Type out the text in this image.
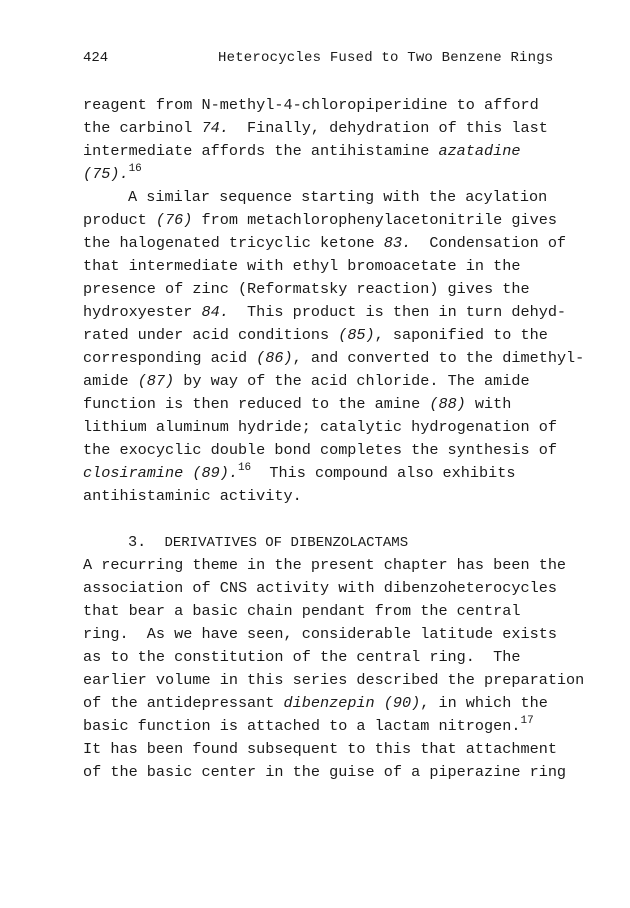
424	Heterocycles Fused to Two Benzene Rings
reagent from N-methyl-4-chloropiperidine to afford
the carbinol 74.  Finally, dehydration of this last
intermediate affords the antihistamine azatadine
(75).$^{16}$
A similar sequence starting with the acylation
product (76) from metachlorophenylacetonitrile gives
the halogenated tricyclic ketone 83.  Condensation of
that intermediate with ethyl bromoacetate in the
presence of zinc (Reformatsky reaction) gives the
hydroxyester 84.  This product is then in turn dehyd-
rated under acid conditions (85), saponified to the
corresponding acid (86), and converted to the dimethyl-
amide (87) by way of the acid chloride. The amide
function is then reduced to the amine (88) with
lithium aluminum hydride; catalytic hydrogenation of
the exocyclic double bond completes the synthesis of
closiramine (89).$^{16}$  This compound also exhibits
antihistaminic activity.
3. DERIVATIVES OF DIBENZOLACTAMS
A recurring theme in the present chapter has been the
association of CNS activity with dibenzoheterocycles
that bear a basic chain pendant from the central
ring.  As we have seen, considerable latitude exists
as to the constitution of the central ring.  The
earlier volume in this series described the preparation
of the antidepressant dibenzepin (90), in which the
basic function is attached to a lactam nitrogen.$^{17}$
It has been found subsequent to this that attachment
of the basic center in the guise of a piperazine ring
